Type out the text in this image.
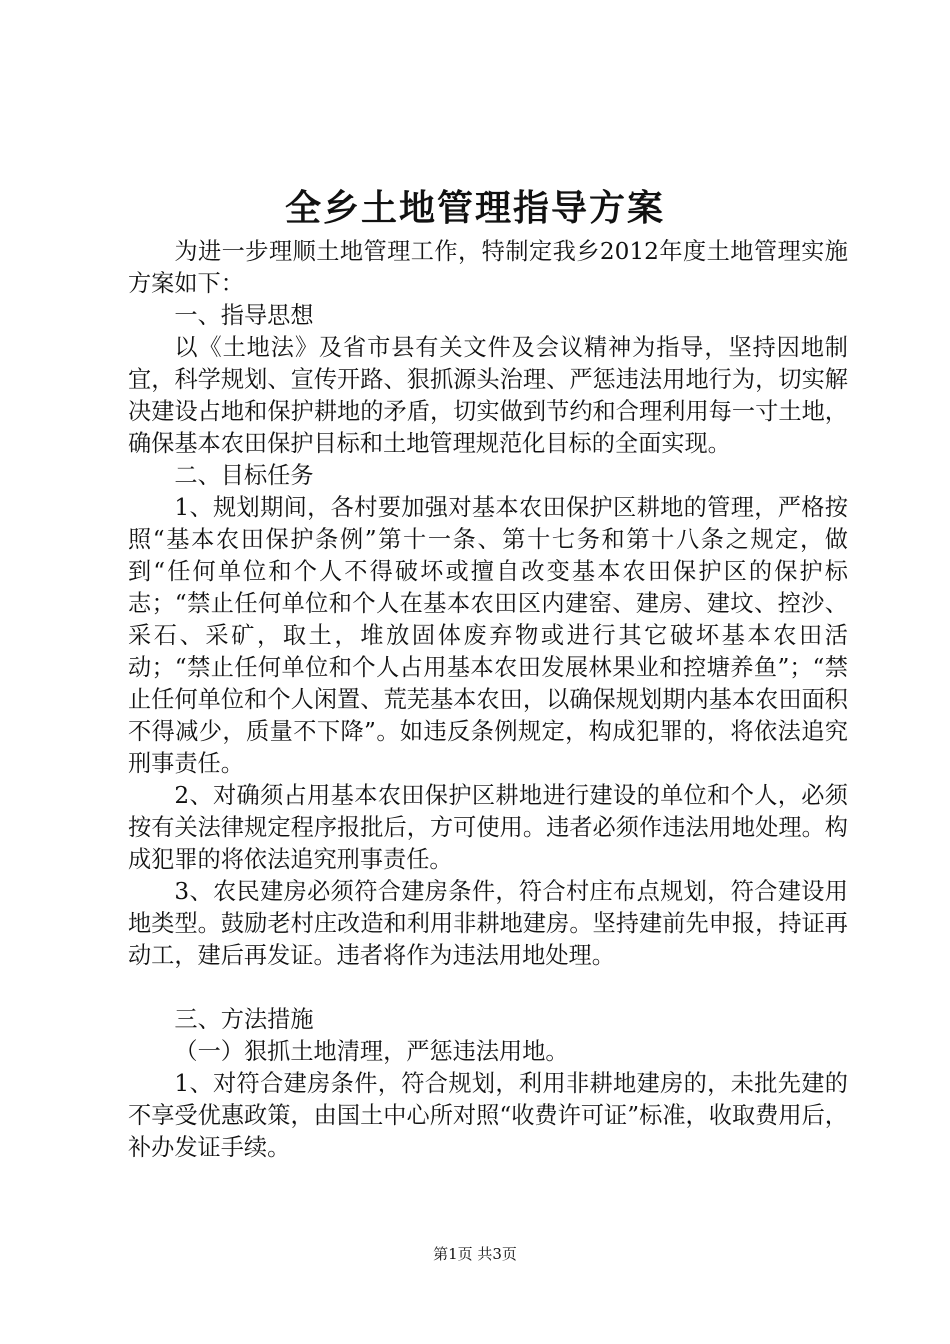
全乡土地管理指导方案

为进一步理顺土地管理工作，特制定我乡2012年度土地管理实施方案如下：

一、指导思想

以《土地法》及省市县有关文件及会议精神为指导，坚持因地制宜，科学规划、宣传开路、狠抓源头治理、严惩违法用地行为，切实解决建设占地和保护耕地的矛盾，切实做到节约和合理利用每一寸土地，确保基本农田保护目标和土地管理规范化目标的全面实现。

二、目标任务

1、规划期间，各村要加强对基本农田保护区耕地的管理，严格按照“基本农田保护条例”第十一条、第十七务和第十八条之规定，做到“任何单位和个人不得破坏或擅自改变基本农田保护区的保护标志；“禁止任何单位和个人在基本农田区内建窑、建房、建坟、控沙、采石、采矿，取土，堆放固体废弃物或进行其它破坏基本农田活动；“禁止任何单位和个人占用基本农田发展林果业和控塘养鱼”；“禁止任何单位和个人闲置、荒芜基本农田，以确保规划期内基本农田面积不得减少，质量不下降”。如违反条例规定，构成犯罪的，将依法追究刑事责任。

2、对确须占用基本农田保护区耕地进行建设的单位和个人，必须按有关法律规定程序报批后，方可使用。违者必须作违法用地处理。构成犯罪的将依法追究刑事责任。

3、农民建房必须符合建房条件，符合村庄布点规划，符合建设用地类型。鼓励老村庄改造和利用非耕地建房。坚持建前先申报，持证再动工，建后再发证。违者将作为违法用地处理。

三、方法措施

（一）狠抓土地清理，严惩违法用地。

1、对符合建房条件，符合规划，利用非耕地建房的，未批先建的不享受优惠政策，由国土中心所对照“收费许可证”标准，收取费用后，补办发证手续。

第1页 共3页
